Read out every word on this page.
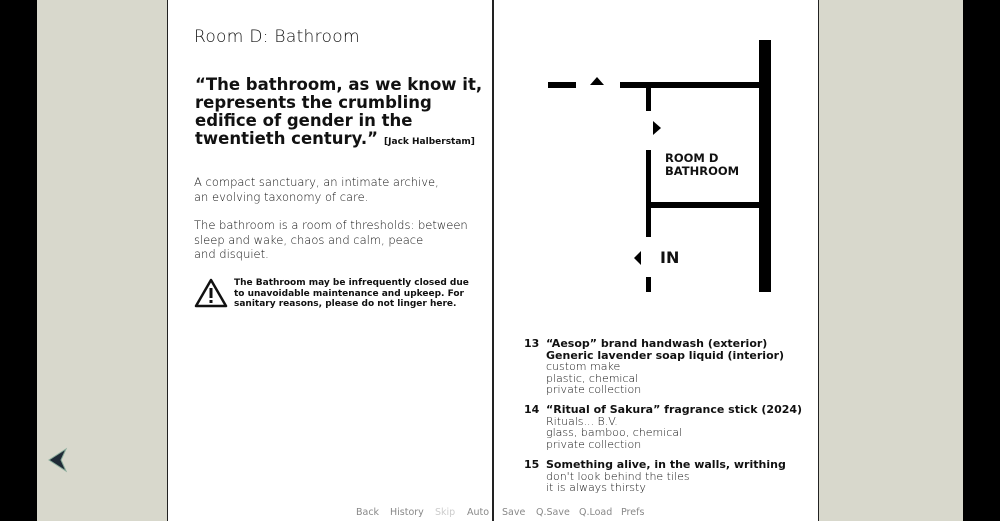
Room D: Bathroom
“The bathroom, as we know it, represents the crumbling edifice of gender in the twentieth century.” [Jack Halberstam]
A compact sanctuary, an intimate archive,
an evolving taxonomy of care.
The bathroom is a room of thresholds: between
sleep and wake, chaos and calm, peace
and disquiet.
The Bathroom may be infrequently closed due to unavoidable maintenance and upkeep. For sanitary reasons, please do not linger here.
ROOM D
BATHROOM
IN
13 “Aesop” brand handwash (exterior)
Generic lavender soap liquid (interior)
custom make
plastic, chemical
private collection
14 “Ritual of Sakura” fragrance stick (2024)
Rituals... B.V.
glass, bamboo, chemical
private collection
15 Something alive, in the walls, writhing
don't look behind the tiles
it is always thirsty
Back History Skip Auto Save Q.Save Q.Load Prefs
